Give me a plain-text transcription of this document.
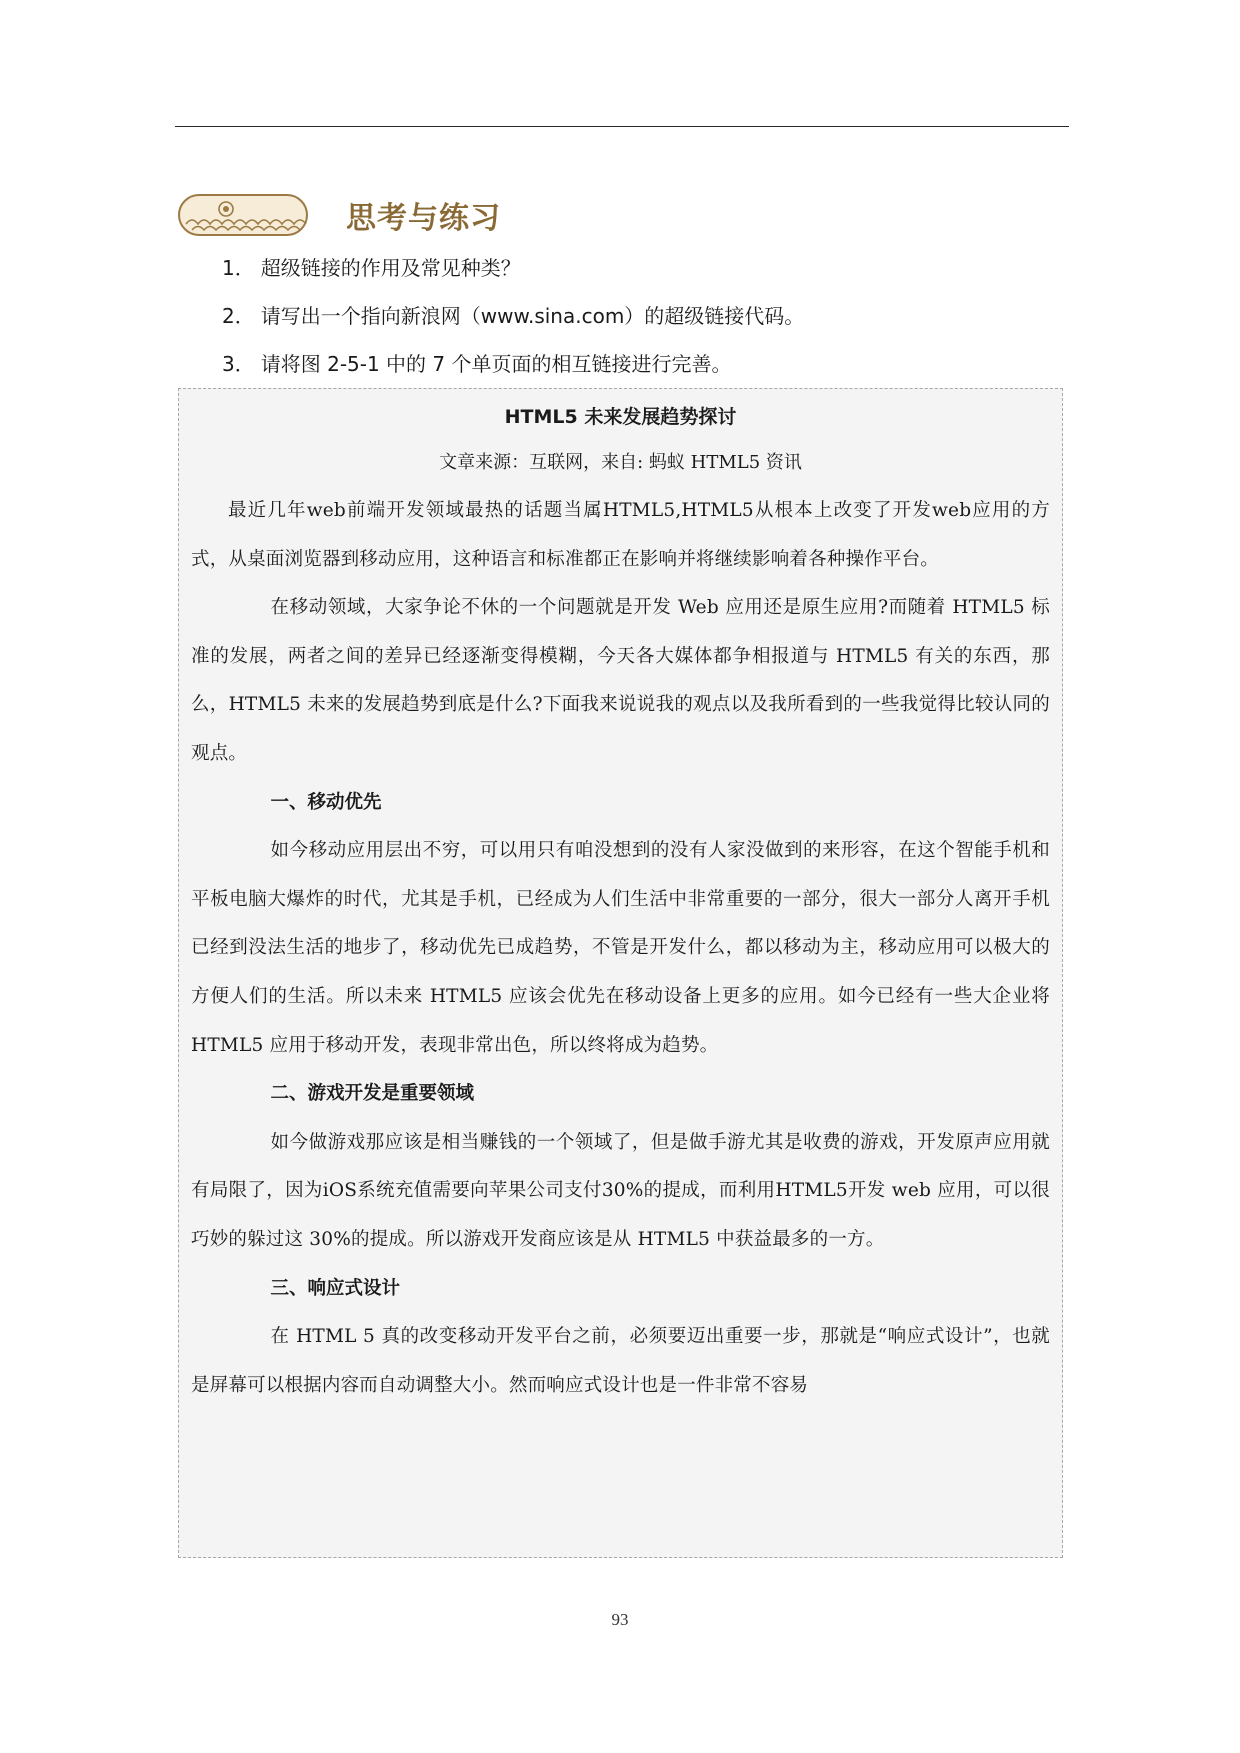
思考与练习
1． 超级链接的作用及常见种类？
2． 请写出一个指向新浪网（www.sina.com）的超级链接代码。
3． 请将图 2-5-1 中的 7 个单页面的相互链接进行完善。

HTML5 未来发展趋势探讨

文章来源：互联网，来自: 蚂蚁 HTML5 资讯

最近几年web前端开发领域最热的话题当属HTML5,HTML5从根本上改变了开发web应用的方式，从桌面浏览器到移动应用，这种语言和标准都正在影响并将继续影响着各种操作平台。

在移动领域，大家争论不休的一个问题就是开发 Web 应用还是原生应用?而随着 HTML5 标准的发展，两者之间的差异已经逐渐变得模糊，今天各大媒体都争相报道与 HTML5 有关的东西，那么，HTML5 未来的发展趋势到底是什么?下面我来说说我的观点以及我所看到的一些我觉得比较认同的观点。

一、移动优先

如今移动应用层出不穷，可以用只有咱没想到的没有人家没做到的来形容，在这个智能手机和平板电脑大爆炸的时代，尤其是手机，已经成为人们生活中非常重要的一部分，很大一部分人离开手机已经到没法生活的地步了，移动优先已成趋势，不管是开发什么，都以移动为主，移动应用可以极大的方便人们的生活。所以未来 HTML5 应该会优先在移动设备上更多的应用。如今已经有一些大企业将 HTML5 应用于移动开发，表现非常出色，所以终将成为趋势。

二、游戏开发是重要领域

如今做游戏那应该是相当赚钱的一个领域了，但是做手游尤其是收费的游戏，开发原声应用就有局限了，因为iOS系统充值需要向苹果公司支付30%的提成，而利用HTML5开发 web 应用，可以很巧妙的躲过这 30%的提成。所以游戏开发商应该是从 HTML5 中获益最多的一方。

三、响应式设计

在 HTML 5 真的改变移动开发平台之前，必须要迈出重要一步，那就是“响应式设计”，也就是屏幕可以根据内容而自动调整大小。然而响应式设计也是一件非常不容易

93
